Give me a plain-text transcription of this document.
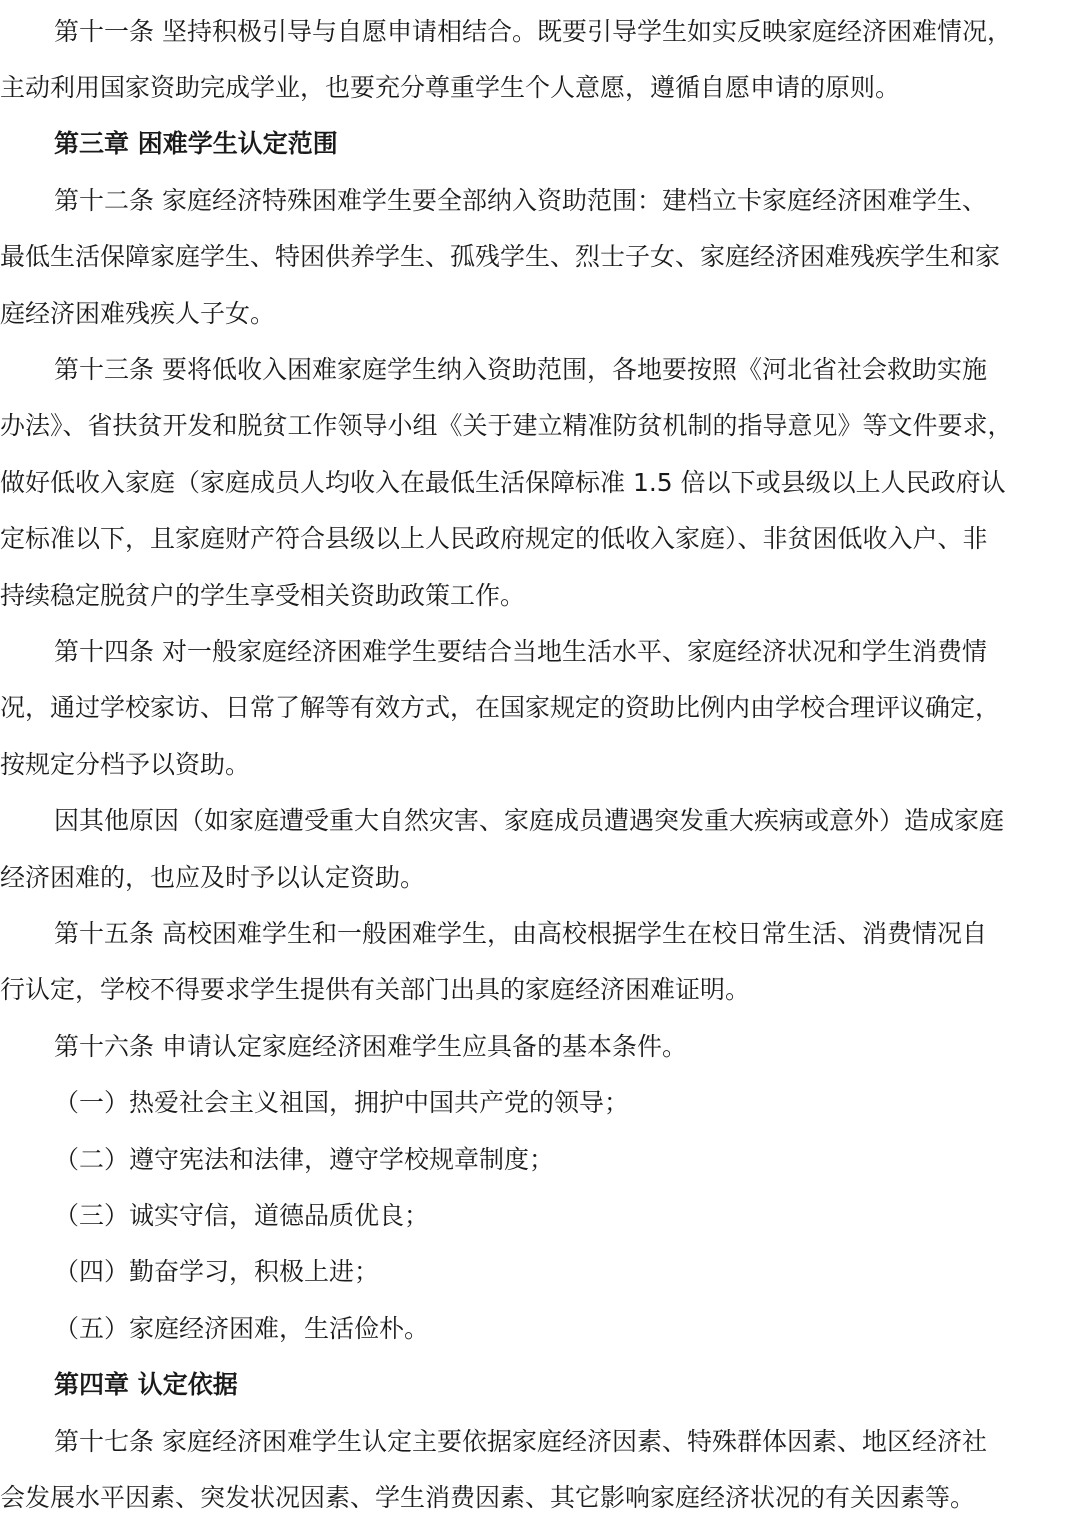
第十一条 坚持积极引导与自愿申请相结合。既要引导学生如实反映家庭经济困难情况，
主动利用国家资助完成学业，也要充分尊重学生个人意愿，遵循自愿申请的原则。
第三章 困难学生认定范围
第十二条 家庭经济特殊困难学生要全部纳入资助范围：建档立卡家庭经济困难学生、
最低生活保障家庭学生、特困供养学生、孤残学生、烈士子女、家庭经济困难残疾学生和家
庭经济困难残疾人子女。
第十三条 要将低收入困难家庭学生纳入资助范围，各地要按照《河北省社会救助实施
办法》、省扶贫开发和脱贫工作领导小组《关于建立精准防贫机制的指导意见》等文件要求，
做好低收入家庭（家庭成员人均收入在最低生活保障标准 1.5 倍以下或县级以上人民政府认
定标准以下，且家庭财产符合县级以上人民政府规定的低收入家庭）、非贫困低收入户、非
持续稳定脱贫户的学生享受相关资助政策工作。
第十四条 对一般家庭经济困难学生要结合当地生活水平、家庭经济状况和学生消费情
况，通过学校家访、日常了解等有效方式，在国家规定的资助比例内由学校合理评议确定，
按规定分档予以资助。
因其他原因（如家庭遭受重大自然灾害、家庭成员遭遇突发重大疾病或意外）造成家庭
经济困难的，也应及时予以认定资助。
第十五条 高校困难学生和一般困难学生，由高校根据学生在校日常生活、消费情况自
行认定，学校不得要求学生提供有关部门出具的家庭经济困难证明。
第十六条 申请认定家庭经济困难学生应具备的基本条件。
（一）热爱社会主义祖国，拥护中国共产党的领导；
（二）遵守宪法和法律，遵守学校规章制度；
（三）诚实守信，道德品质优良；
（四）勤奋学习，积极上进；
（五）家庭经济困难，生活俭朴。
第四章 认定依据
第十七条 家庭经济困难学生认定主要依据家庭经济因素、特殊群体因素、地区经济社
会发展水平因素、突发状况因素、学生消费因素、其它影响家庭经济状况的有关因素等。
